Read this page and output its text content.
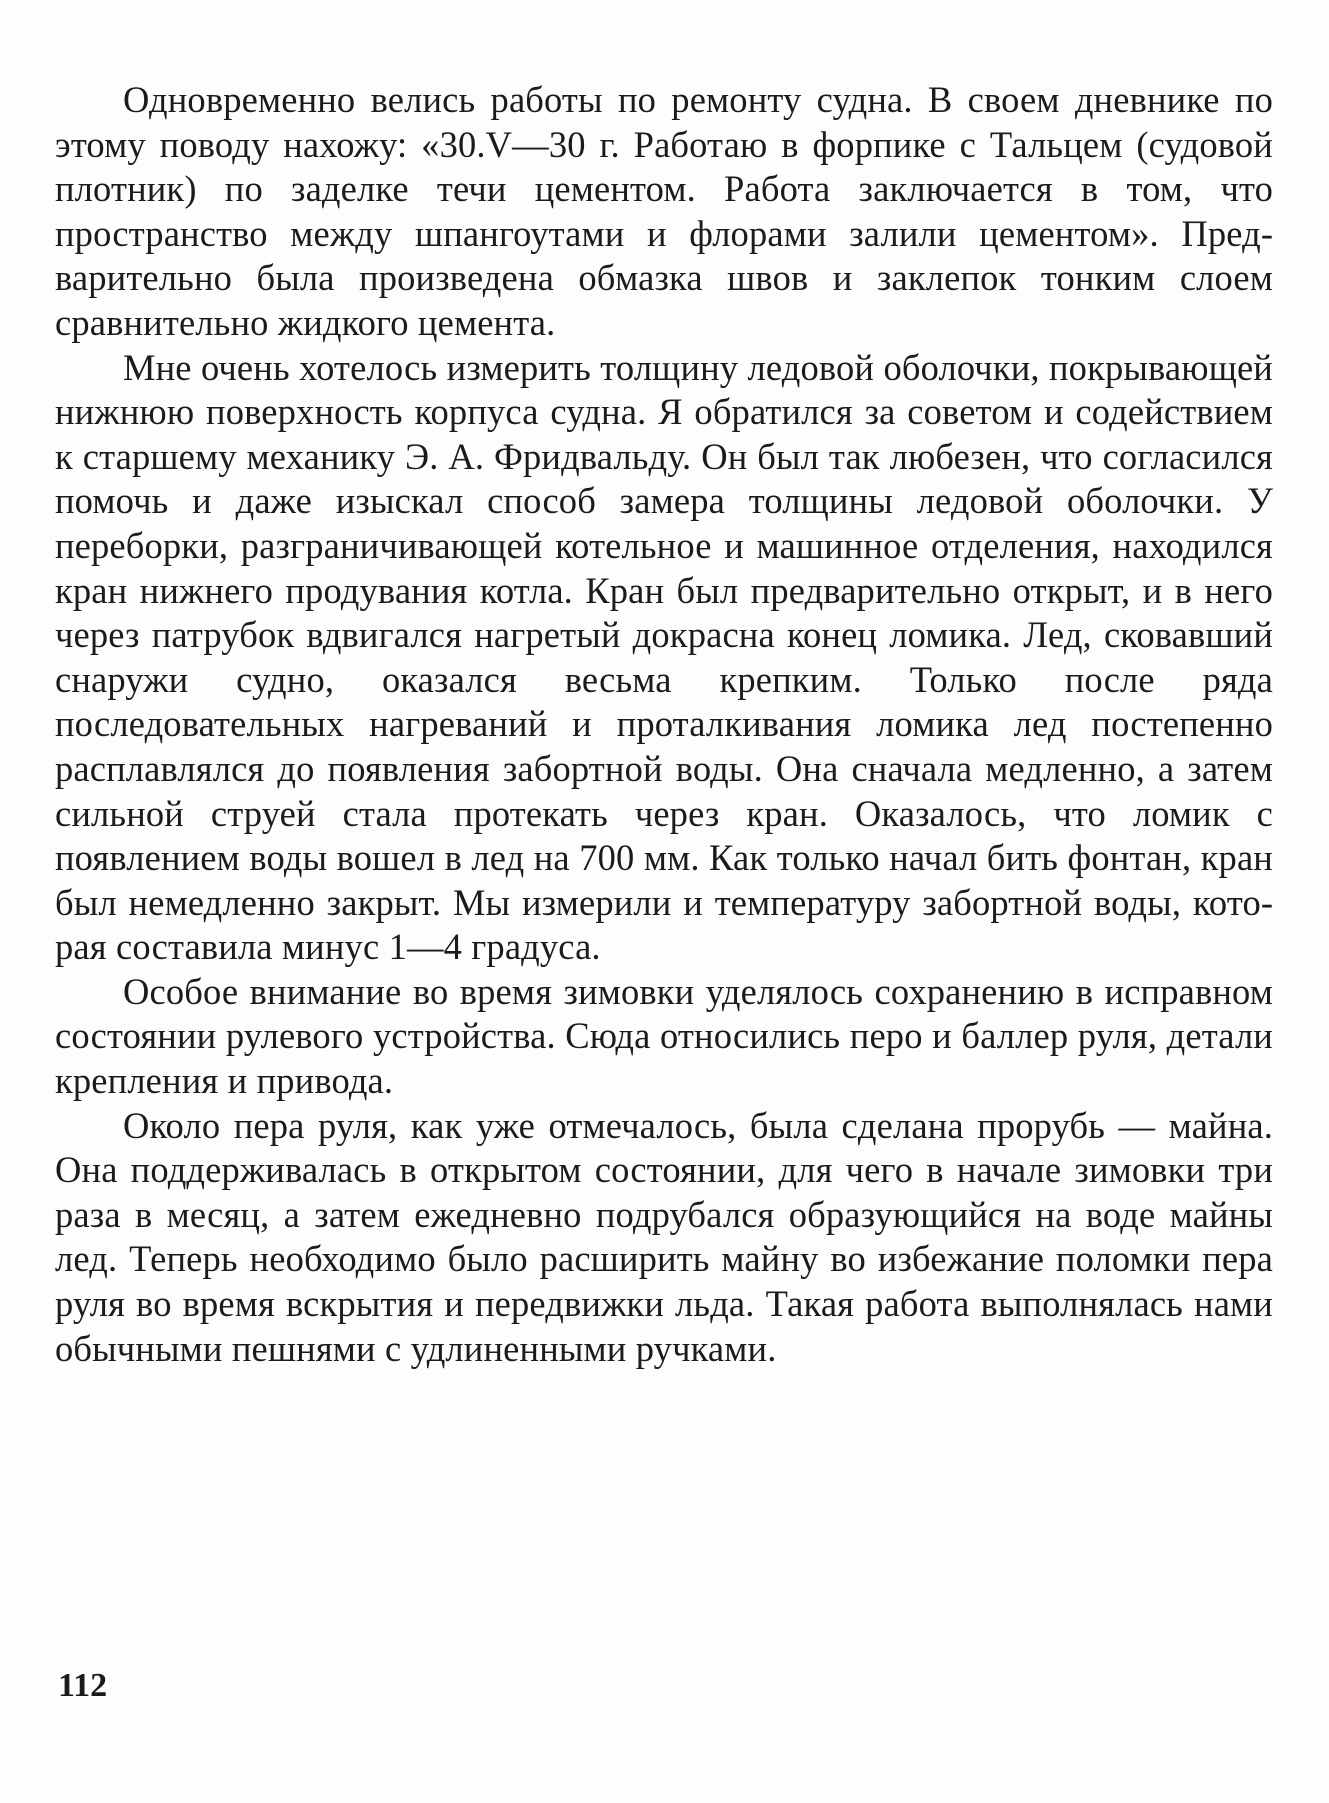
Одновременно велись работы по ремонту судна. В своем дневнике по этому поводу нахожу: «30.V—30 г. Работаю в форпике с Тальцем (судовой плотник) по заделке течи цементом. Работа заключается в том, что пространство между шпангоутами и флорами залили цементом». Предварительно была произведена обмазка швов и заклепок тонким слоем сравнительно жидкого цемента.

Мне очень хотелось измерить толщину ледовой оболочки, покрывающей нижнюю поверхность корпуса судна. Я обратился за советом и содействием к старшему механику Э. А. Фридвальду. Он был так любезен, что согласился помочь и даже изыскал способ замера толщины ледовой оболочки. У переборки, разграничивающей котельное и машинное отделения, находился кран нижнего продувания котла. Кран был предварительно открыт, и в него через патрубок вдвигался нагретый докрасна конец ломика. Лед, сковавший снаружи судно, оказался весьма крепким. Только после ряда последовательных нагреваний и проталкивания ломика лед постепенно расплавлялся до появления забортной воды. Она сначала медленно, а затем сильной струей стала протекать через кран. Оказалось, что ломик с появлением воды вошел в лед на 700 мм. Как только начал бить фонтан, кран был немедленно закрыт. Мы измерили и температуру забортной воды, которая составила минус 1—4 градуса.

Особое внимание во время зимовки уделялось сохранению в исправном состоянии рулевого устройства. Сюда относились перо и баллер руля, детали крепления и привода.

Около пера руля, как уже отмечалось, была сделана прорубь — майна. Она поддерживалась в открытом состоянии, для чего в начале зимовки три раза в месяц, а затем ежедневно подрубался образующийся на воде майны лед. Теперь необходимо было расширить майну во избежание поломки пера руля во время вскрытия и передвижки льда. Такая работа выполнялась нами обычными пешнями с удлиненными ручками.

112
